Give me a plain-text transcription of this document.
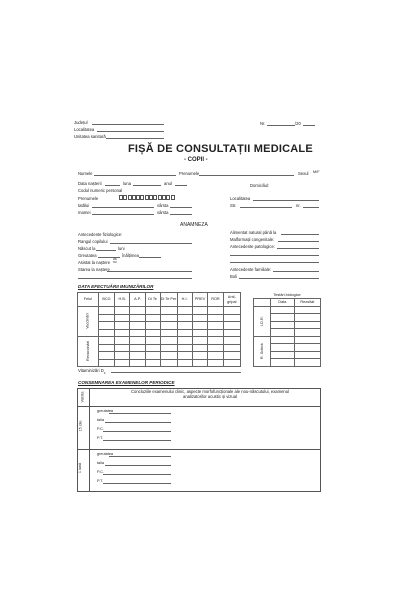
Județul
Localitatea
Unitatea sanitară
Nr.	/20
FIȘĂ DE CONSULTAȚII MEDICALE
- COPII -
Numele	Prenumele	Sexul M/F
Data nașterii	luna	anul
Codul numeric personal
Domiciliul:
Prenumele
tatălui	vârsta
mamei	vârsta
Localitatea
Str.	nr.
ANAMNEZA
Antecedente fiziologice:
Rangul copilului
Născut la	luni
Greutatea	înălțimea
Asistat la naștere
da
nu
Starea la naștere
Alimentat natural până la
Malformații congenitale:
Antecedente patologice:
Antecedente familiale:
Boli
DATA EFECTUĂRII IMUNIZĂRILOR
Felul	BCG	H.B.	A.P.	Di Te	Di Te Per	H.I.	PREV	ROR	Anti-gripal
Vaccinări									

Revaccinări									

Vitaminizări $D_3$
Testări biologice		
	Data	Rezultat
I.D.R.		

R. Schick		

CONSEMNAREA EXAMENELOR PERIODICE
Vârsta
Concluziile examenului clinic, aspecte morfofuncționale ale nou-născutului, examenul analizatorilor acustic și vizual
15 zile
greutatea
talia
P.C.
P.T.
1 lună
greutatea
talia
P.C.
P.T.
